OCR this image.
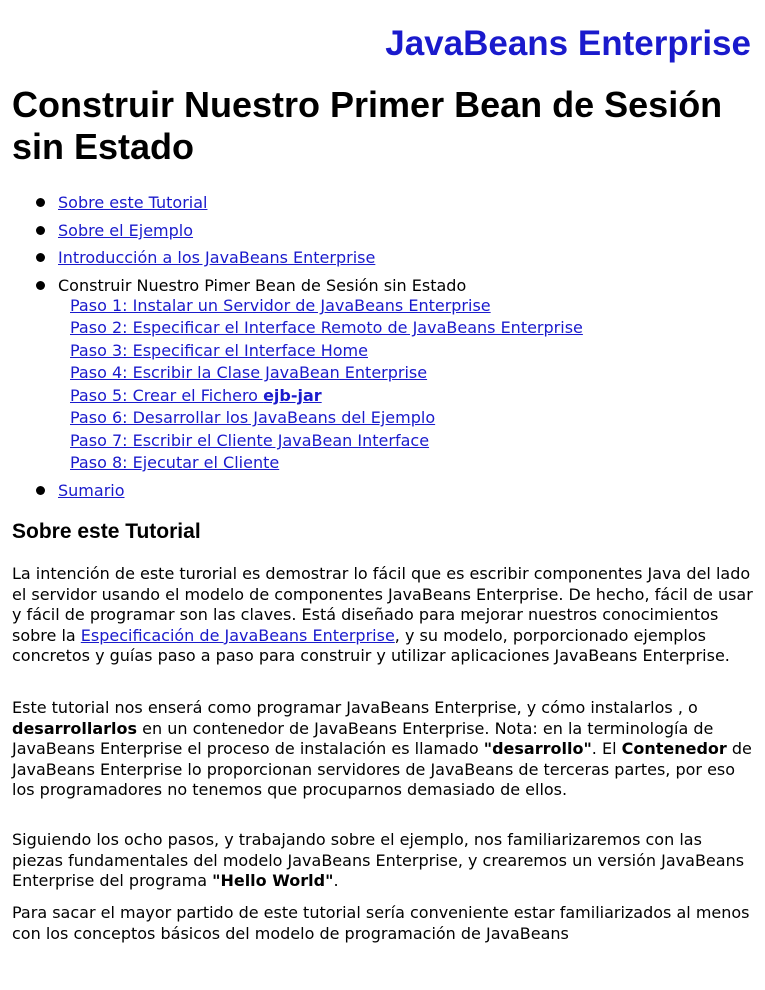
JavaBeans Enterprise
Construir Nuestro Primer Bean de Sesión sin Estado
Sobre este Tutorial
Sobre el Ejemplo
Introducción a los JavaBeans Enterprise
Construir Nuestro Pimer Bean de Sesión sin Estado
Paso 1: Instalar un Servidor de JavaBeans Enterprise
Paso 2: Especificar el Interface Remoto de JavaBeans Enterprise
Paso 3: Especificar el Interface Home
Paso 4: Escribir la Clase JavaBean Enterprise
Paso 5: Crear el Fichero ejb-jar
Paso 6: Desarrollar los JavaBeans del Ejemplo
Paso 7: Escribir el Cliente JavaBean Interface
Paso 8: Ejecutar el Cliente
Sumario
Sobre este Tutorial

La intención de este turorial es demostrar lo fácil que es escribir componentes Java del lado el servidor usando el modelo de componentes JavaBeans Enterprise. De hecho, fácil de usar y fácil de programar son las claves. Está diseñado para mejorar nuestros conocimientos sobre la Especificación de JavaBeans Enterprise, y su modelo, porporcionado ejemplos concretos y guías paso a paso para construir y utilizar aplicaciones JavaBeans Enterprise.

Este tutorial nos enserá como programar JavaBeans Enterprise, y cómo instalarlos , o desarrollarlos en un contenedor de JavaBeans Enterprise. Nota: en la terminología de JavaBeans Enterprise el proceso de instalación es llamado "desarrollo". El Contenedor de JavaBeans Enterprise lo proporcionan servidores de JavaBeans de terceras partes, por eso los programadores no tenemos que procuparnos demasiado de ellos.

Siguiendo los ocho pasos, y trabajando sobre el ejemplo, nos familiarizaremos con las piezas fundamentales del modelo JavaBeans Enterprise, y crearemos un versión JavaBeans Enterprise del programa "Hello World".

Para sacar el mayor partido de este tutorial sería conveniente estar familiarizados al menos con los conceptos básicos del modelo de programación de JavaBeans
